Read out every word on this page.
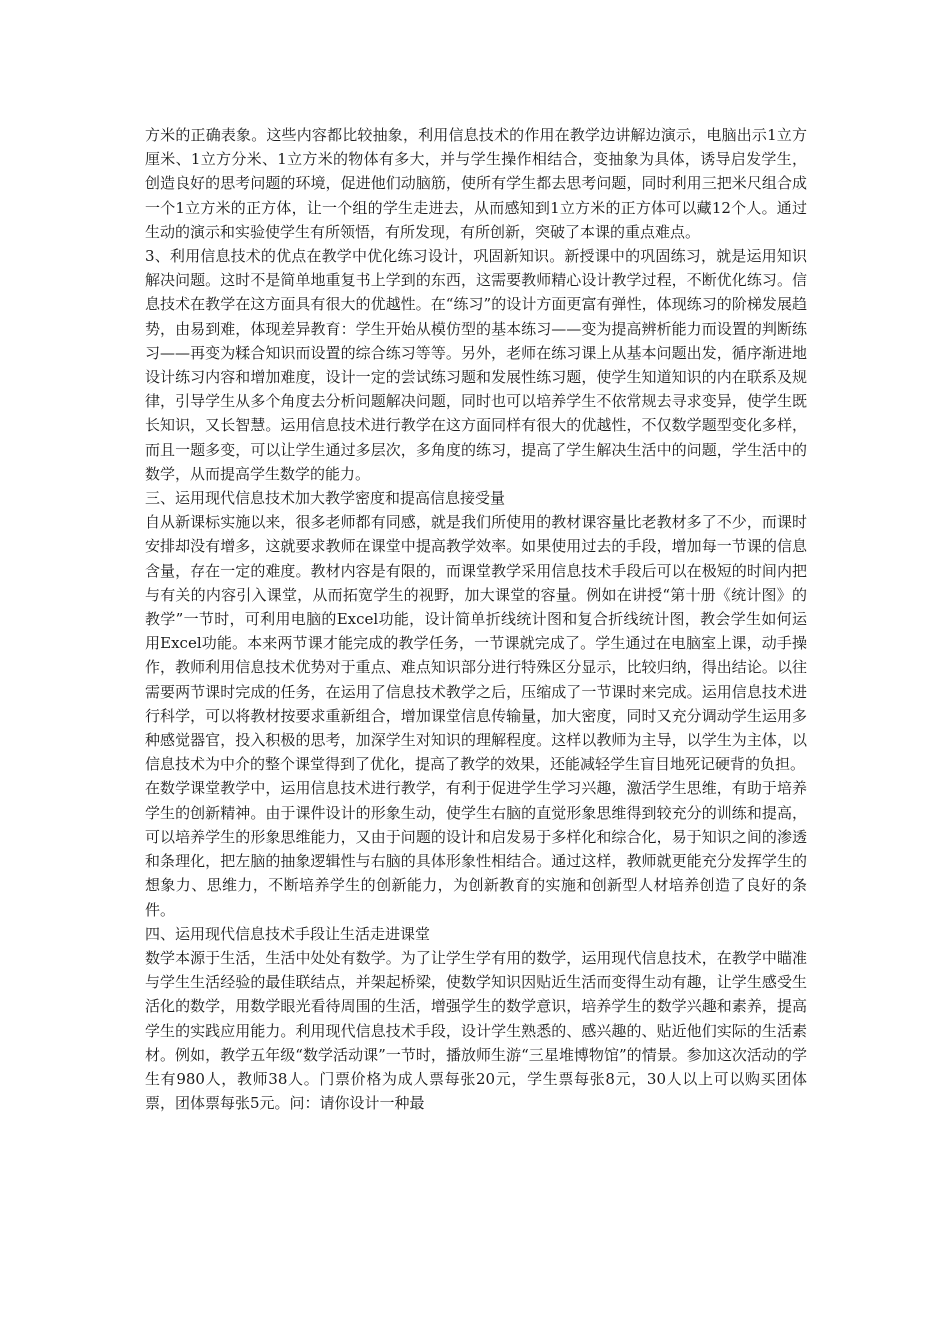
方米的正确表象。这些内容都比较抽象，利用信息技术的作用在教学边讲解边演示，电脑出示1立方厘米、1立方分米、1立方米的物体有多大，并与学生操作相结合，变抽象为具体，诱导启发学生，创造良好的思考问题的环境，促进他们动脑筋，使所有学生都去思考问题，同时利用三把米尺组合成一个1立方米的正方体，让一个组的学生走进去，从而感知到1立方米的正方体可以藏12个人。通过生动的演示和实验使学生有所领悟，有所发现，有所创新，突破了本课的重点难点。

3、利用信息技术的优点在教学中优化练习设计，巩固新知识。新授课中的巩固练习，就是运用知识解决问题。这时不是简单地重复书上学到的东西，这需要教师精心设计教学过程，不断优化练习。信息技术在教学在这方面具有很大的优越性。在“练习”的设计方面更富有弹性，体现练习的阶梯发展趋势，由易到难，体现差异教育：学生开始从模仿型的基本练习——变为提高辨析能力而设置的判断练习——再变为糅合知识而设置的综合练习等等。另外，老师在练习课上从基本问题出发，循序渐进地设计练习内容和增加难度，设计一定的尝试练习题和发展性练习题，使学生知道知识的内在联系及规律，引导学生从多个角度去分析问题解决问题，同时也可以培养学生不依常规去寻求变异，使学生既长知识，又长智慧。运用信息技术进行教学在这方面同样有很大的优越性，不仅数学题型变化多样，而且一题多变，可以让学生通过多层次，多角度的练习，提高了学生解决生活中的问题，学生活中的数学，从而提高学生数学的能力。

三、运用现代信息技术加大教学密度和提高信息接受量

自从新课标实施以来，很多老师都有同感，就是我们所使用的教材课容量比老教材多了不少，而课时安排却没有增多，这就要求教师在课堂中提高教学效率。如果使用过去的手段，增加每一节课的信息含量，存在一定的难度。教材内容是有限的，而课堂教学采用信息技术手段后可以在极短的时间内把与有关的内容引入课堂，从而拓宽学生的视野，加大课堂的容量。例如在讲授“第十册《统计图》的教学”一节时，可利用电脑的Excel功能，设计简单折线统计图和复合折线统计图，教会学生如何运用Excel功能。本来两节课才能完成的教学任务，一节课就完成了。学生通过在电脑室上课，动手操作，教师利用信息技术优势对于重点、难点知识部分进行特殊区分显示，比较归纳，得出结论。以往需要两节课时完成的任务，在运用了信息技术教学之后，压缩成了一节课时来完成。运用信息技术进行科学，可以将教材按要求重新组合，增加课堂信息传输量，加大密度，同时又充分调动学生运用多种感觉器官，投入积极的思考，加深学生对知识的理解程度。这样以教师为主导，以学生为主体，以信息技术为中介的整个课堂得到了优化，提高了教学的效果，还能减轻学生盲目地死记硬背的负担。

在数学课堂教学中，运用信息技术进行教学，有利于促进学生学习兴趣，激活学生思维，有助于培养学生的创新精神。由于课件设计的形象生动，使学生右脑的直觉形象思维得到较充分的训练和提高，可以培养学生的形象思维能力，又由于问题的设计和启发易于多样化和综合化，易于知识之间的渗透和条理化，把左脑的抽象逻辑性与右脑的具体形象性相结合。通过这样，教师就更能充分发挥学生的想象力、思维力，不断培养学生的创新能力，为创新教育的实施和创新型人材培养创造了良好的条件。

四、运用现代信息技术手段让生活走进课堂

数学本源于生活，生活中处处有数学。为了让学生学有用的数学，运用现代信息技术，在教学中瞄准与学生生活经验的最佳联结点，并架起桥梁，使数学知识因贴近生活而变得生动有趣，让学生感受生活化的数学，用数学眼光看待周围的生活，增强学生的数学意识，培养学生的数学兴趣和素养，提高学生的实践应用能力。利用现代信息技术手段，设计学生熟悉的、感兴趣的、贴近他们实际的生活素材。例如，教学五年级“数学活动课”一节时，播放师生游“三星堆博物馆”的情景。参加这次活动的学生有980人，教师38人。门票价格为成人票每张20元，学生票每张8元，30人以上可以购买团体票，团体票每张5元。问：请你设计一种最
